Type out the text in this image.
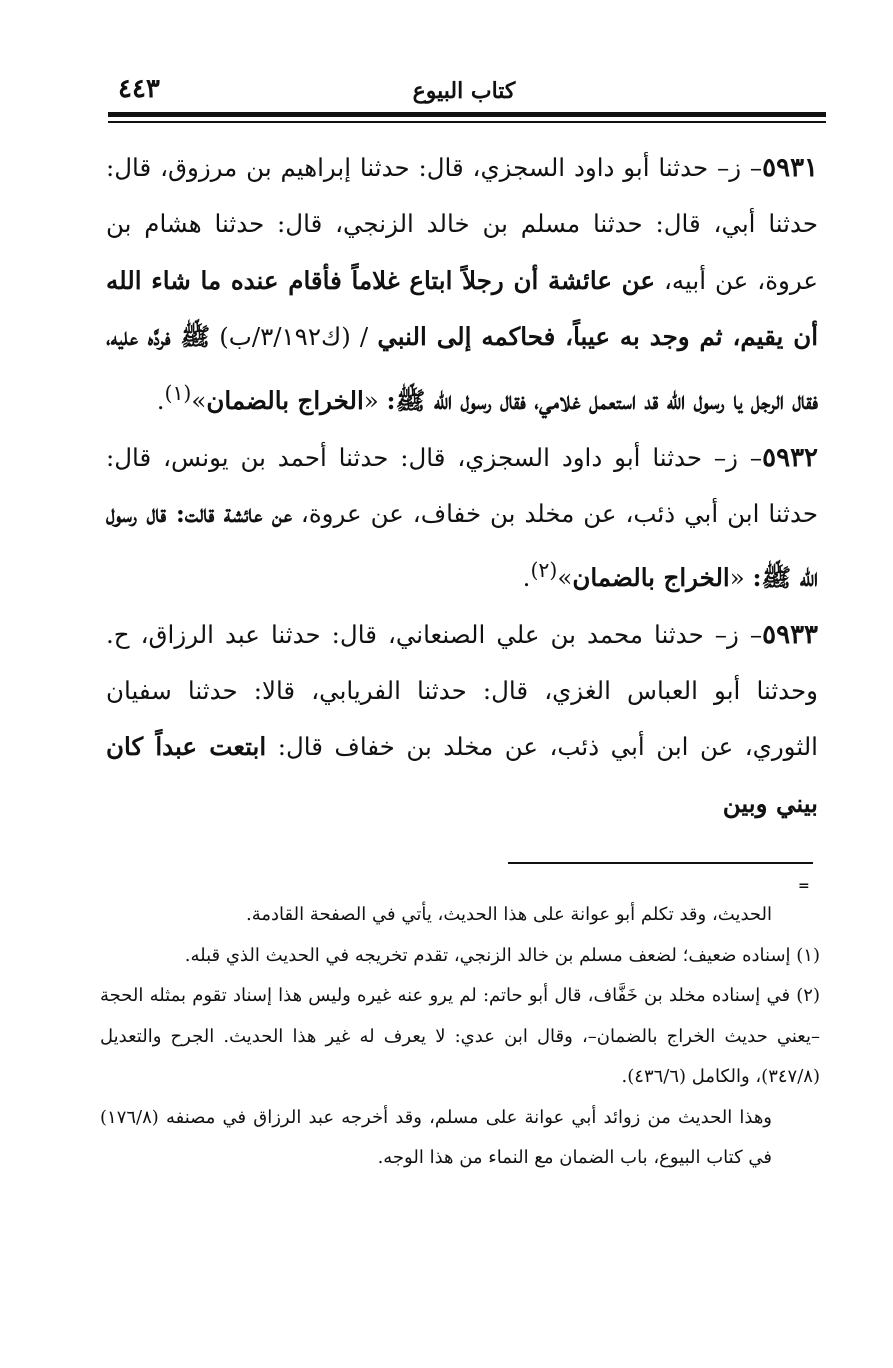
٤٤٣	كتاب البيوع

٥٩٣١– ز– حدثنا أبو داود السجزي، قال: حدثنا إبراهيم بن مرزوق، قال: حدثنا أبي، قال: حدثنا مسلم بن خالد الزنجي، قال: حدثنا هشام بن عروة، عن أبيه، عن عائشة أن رجلاً ابتاع غلاماً فأقام عنده ما شاء الله أن يقيم، ثم وجد به عيباً، فحاكمه إلى النبي / (ك٣/١٩٢/ب) ﷺ فردَّه عليه، فقال الرجل يا رسول الله قد استعمل غلامي، فقال رسول الله ﷺ: «الخراج بالضمان»$^{(١)}$.

٥٩٣٢– ز– حدثنا أبو داود السجزي، قال: حدثنا أحمد بن يونس، قال: حدثنا ابن أبي ذئب، عن مخلد بن خفاف، عن عروة، عن عائشة قالت: قال رسول الله ﷺ: «الخراج بالضمان»$^{(٢)}$.

٥٩٣٣– ز– حدثنا محمد بن علي الصنعاني، قال: حدثنا عبد الرزاق، ح. وحدثنا أبو العباس الغزي، قال: حدثنا الفريابي، قالا: حدثنا سفيان الثوري، عن ابن أبي ذئب، عن مخلد بن خفاف قال: ابتعت عبداً كان بيني وبين

=

الحديث، وقد تكلم أبو عوانة على هذا الحديث، يأتي في الصفحة القادمة.

(١) إسناده ضعيف؛ لضعف مسلم بن خالد الزنجي، تقدم تخريجه في الحديث الذي قبله.

(٢) في إسناده مخلد بن خَفَّاف، قال أبو حاتم: لم يرو عنه غيره وليس هذا إسناد تقوم بمثله الحجة –يعني حديث الخراج بالضمان–، وقال ابن عدي: لا يعرف له غير هذا الحديث. الجرح والتعديل (٣٤٧/٨)، والكامل (٤٣٦/٦).

وهذا الحديث من زوائد أبي عوانة على مسلم، وقد أخرجه عبد الرزاق في مصنفه (١٧٦/٨) في كتاب البيوع، باب الضمان مع النماء من هذا الوجه.
